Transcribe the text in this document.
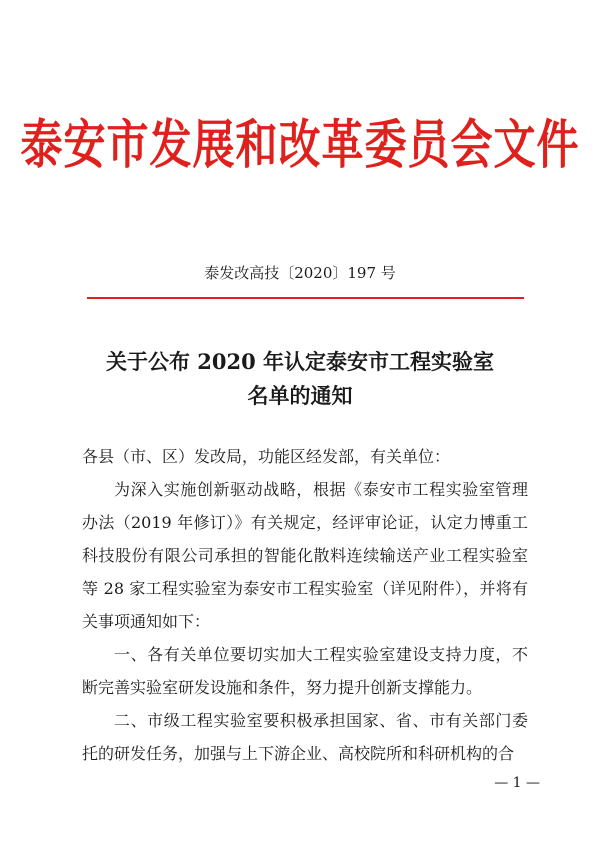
泰安市发展和改革委员会文件
泰发改高技〔2020〕197 号
关于公布 2020 年认定泰安市工程实验室
名单的通知

各县（市、区）发改局，功能区经发部，有关单位：

为深入实施创新驱动战略，根据《泰安市工程实验室管理办法（2019 年修订）》有关规定，经评审论证，认定力博重工科技股份有限公司承担的智能化散料连续输送产业工程实验室等 28 家工程实验室为泰安市工程实验室（详见附件），并将有关事项通知如下：

一、各有关单位要切实加大工程实验室建设支持力度，不断完善实验室研发设施和条件，努力提升创新支撑能力。

二、市级工程实验室要积极承担国家、省、市有关部门委托的研发任务，加强与上下游企业、高校院所和科研机构的合

— 1 —
